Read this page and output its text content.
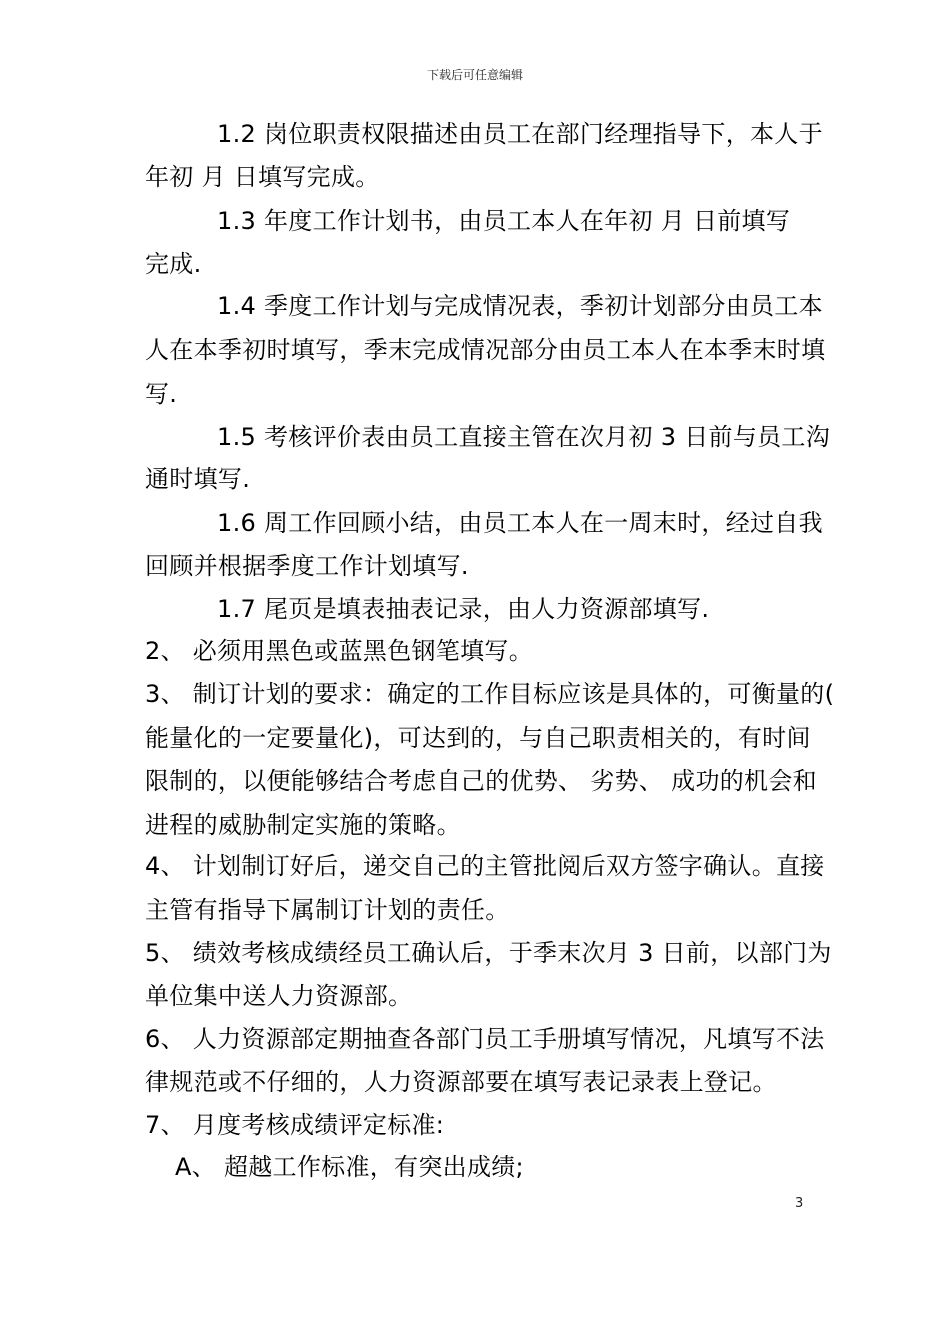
下载后可任意编辑
1.2 岗位职责权限描述由员工在部门经理指导下，本人于
年初 月 日填写完成。
1.3 年度工作计划书，由员工本人在年初 月 日前填写
完成.
1.4 季度工作计划与完成情况表，季初计划部分由员工本
人在本季初时填写，季末完成情况部分由员工本人在本季末时填
写.
1.5 考核评价表由员工直接主管在次月初 3 日前与员工沟
通时填写.
1.6 周工作回顾小结，由员工本人在一周末时，经过自我
回顾并根据季度工作计划填写.
1.7 尾页是填表抽表记录，由人力资源部填写.
2、 必须用黑色或蓝黑色钢笔填写。
3、 制订计划的要求：确定的工作目标应该是具体的，可衡量的(
能量化的一定要量化)，可达到的，与自己职责相关的，有时间
限制的，以便能够结合考虑自己的优势、 劣势、 成功的机会和
进程的威胁制定实施的策略。
4、 计划制订好后，递交自己的主管批阅后双方签字确认。直接
主管有指导下属制订计划的责任。
5、 绩效考核成绩经员工确认后，于季末次月 3 日前，以部门为
单位集中送人力资源部。
6、 人力资源部定期抽查各部门员工手册填写情况，凡填写不法
律规范或不仔细的，人力资源部要在填写表记录表上登记。
7、 月度考核成绩评定标准:
A、 超越工作标准，有突出成绩;
3
